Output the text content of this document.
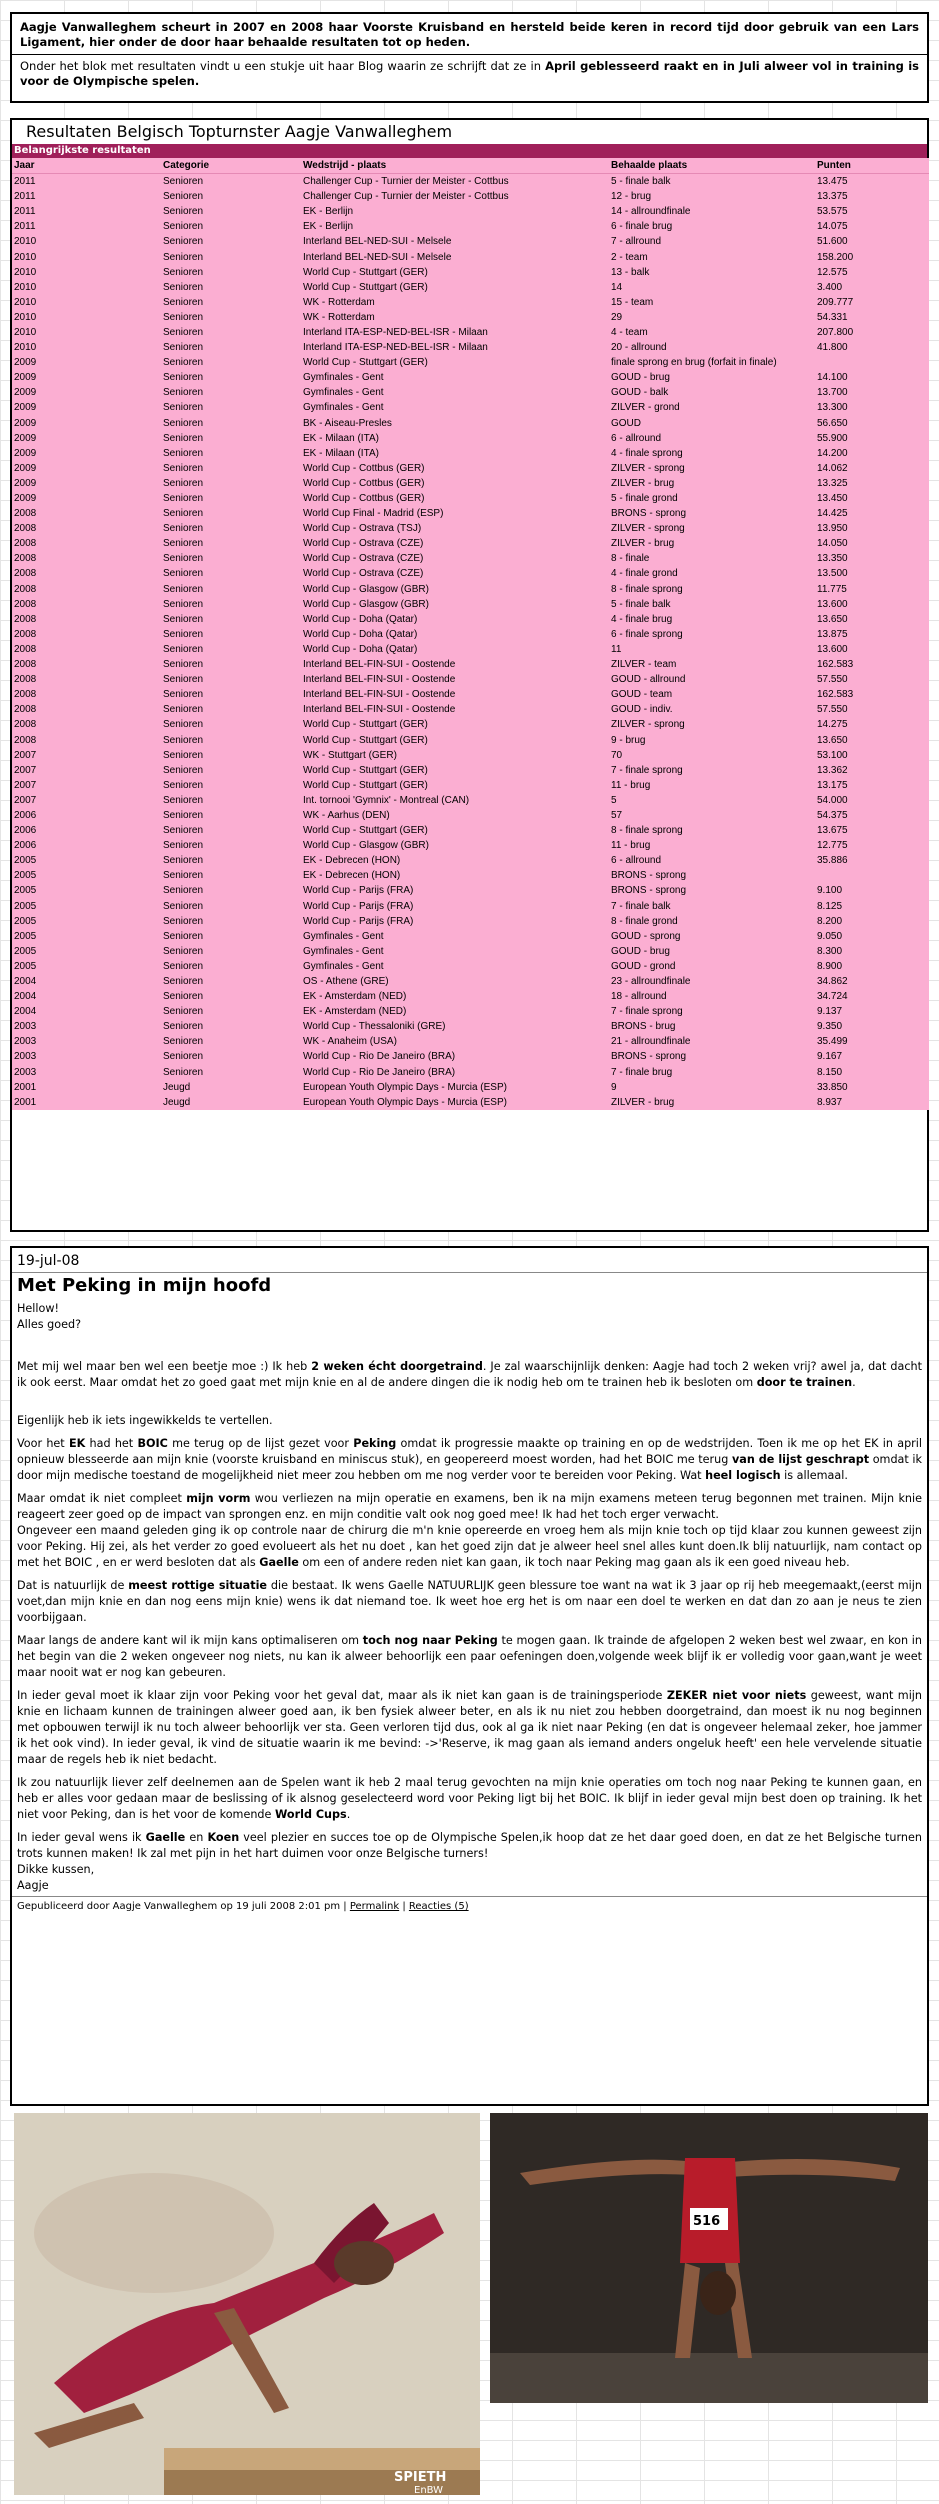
Aagje Vanwalleghem scheurt in 2007 en 2008 haar Voorste Kruisband en hersteld beide keren in record tijd door gebruik van een Lars Ligament, hier onder de door haar behaalde resultaten tot op heden.

Onder het blok met resultaten vindt u een stukje uit haar Blog waarin ze schrijft dat ze in April geblesseerd raakt en in Juli alweer vol in training is voor de Olympische spelen.

Resultaten Belgisch Topturnster Aagje Vanwalleghem
Belangrijkste resultaten
Jaar	Categorie	Wedstrijd - plaats	Behaalde plaats	Punten
2011	Senioren	Challenger Cup - Turnier der Meister - Cottbus	5 - finale balk	13.475
2011	Senioren	Challenger Cup - Turnier der Meister - Cottbus	12 - brug	13.375
2011	Senioren	EK - Berlijn	14 - allroundfinale	53.575
2011	Senioren	EK - Berlijn	6 - finale brug	14.075
2010	Senioren	Interland BEL-NED-SUI - Melsele	7 - allround	51.600
2010	Senioren	Interland BEL-NED-SUI - Melsele	2 - team	158.200
2010	Senioren	World Cup - Stuttgart (GER)	13 - balk	12.575
2010	Senioren	World Cup - Stuttgart (GER)	14	3.400
2010	Senioren	WK - Rotterdam	15 - team	209.777
2010	Senioren	WK - Rotterdam	29	54.331
2010	Senioren	Interland ITA-ESP-NED-BEL-ISR - Milaan	4 - team	207.800
2010	Senioren	Interland ITA-ESP-NED-BEL-ISR - Milaan	20 - allround	41.800
2009	Senioren	World Cup - Stuttgart (GER)	finale sprong en brug (forfait in finale)	
2009	Senioren	Gymfinales - Gent	GOUD - brug	14.100
2009	Senioren	Gymfinales - Gent	GOUD - balk	13.700
2009	Senioren	Gymfinales - Gent	ZILVER - grond	13.300
2009	Senioren	BK - Aiseau-Presles	GOUD	56.650
2009	Senioren	EK - Milaan (ITA)	6 - allround	55.900
2009	Senioren	EK - Milaan (ITA)	4 - finale sprong	14.200
2009	Senioren	World Cup - Cottbus (GER)	ZILVER - sprong	14.062
2009	Senioren	World Cup - Cottbus (GER)	ZILVER - brug	13.325
2009	Senioren	World Cup - Cottbus (GER)	5 - finale grond	13.450
2008	Senioren	World Cup Final - Madrid (ESP)	BRONS - sprong	14.425
2008	Senioren	World Cup - Ostrava (TSJ)	ZILVER - sprong	13.950
2008	Senioren	World Cup - Ostrava (CZE)	ZILVER - brug	14.050
2008	Senioren	World Cup - Ostrava (CZE)	8 - finale	13.350
2008	Senioren	World Cup - Ostrava (CZE)	4 - finale grond	13.500
2008	Senioren	World Cup - Glasgow (GBR)	8 - finale sprong	11.775
2008	Senioren	World Cup - Glasgow (GBR)	5 - finale balk	13.600
2008	Senioren	World Cup - Doha (Qatar)	4 - finale brug	13.650
2008	Senioren	World Cup - Doha (Qatar)	6 - finale sprong	13.875
2008	Senioren	World Cup - Doha (Qatar)	11	13.600
2008	Senioren	Interland BEL-FIN-SUI - Oostende	ZILVER - team	162.583
2008	Senioren	Interland BEL-FIN-SUI - Oostende	GOUD - allround	57.550
2008	Senioren	Interland BEL-FIN-SUI - Oostende	GOUD - team	162.583
2008	Senioren	Interland BEL-FIN-SUI - Oostende	GOUD - indiv.	57.550
2008	Senioren	World Cup - Stuttgart (GER)	ZILVER - sprong	14.275
2008	Senioren	World Cup - Stuttgart (GER)	9 - brug	13.650
2007	Senioren	WK - Stuttgart (GER)	70	53.100
2007	Senioren	World Cup - Stuttgart (GER)	7 - finale sprong	13.362
2007	Senioren	World Cup - Stuttgart (GER)	11 - brug	13.175
2007	Senioren	Int. tornooi 'Gymnix' - Montreal (CAN)	5	54.000
2006	Senioren	WK - Aarhus (DEN)	57	54.375
2006	Senioren	World Cup - Stuttgart (GER)	8 - finale sprong	13.675
2006	Senioren	World Cup - Glasgow (GBR)	11 - brug	12.775
2005	Senioren	EK - Debrecen (HON)	6 - allround	35.886
2005	Senioren	EK - Debrecen (HON)	BRONS - sprong	
2005	Senioren	World Cup - Parijs (FRA)	BRONS - sprong	9.100
2005	Senioren	World Cup - Parijs (FRA)	7 - finale balk	8.125
2005	Senioren	World Cup - Parijs (FRA)	8 - finale grond	8.200
2005	Senioren	Gymfinales - Gent	GOUD - sprong	9.050
2005	Senioren	Gymfinales - Gent	GOUD - brug	8.300
2005	Senioren	Gymfinales - Gent	GOUD - grond	8.900
2004	Senioren	OS - Athene (GRE)	23 - allroundfinale	34.862
2004	Senioren	EK - Amsterdam (NED)	18 - allround	34.724
2004	Senioren	EK - Amsterdam (NED)	7 - finale sprong	9.137
2003	Senioren	World Cup - Thessaloniki (GRE)	BRONS - brug	9.350
2003	Senioren	WK - Anaheim (USA)	21 - allroundfinale	35.499
2003	Senioren	World Cup - Rio De Janeiro (BRA)	BRONS - sprong	9.167
2003	Senioren	World Cup - Rio De Janeiro (BRA)	7 - finale brug	8.150
2001	Jeugd	European Youth Olympic Days - Murcia (ESP)	9	33.850
2001	Jeugd	European Youth Olympic Days - Murcia (ESP)	ZILVER - brug	8.937
19-jul-08
Met Peking in mijn hoofd

Hellow!

Alles goed?

Met mij wel maar ben wel een beetje moe :) Ik heb 2 weken écht doorgetraind. Je zal waarschijnlijk denken: Aagje had toch 2 weken vrij? awel ja, dat dacht ik ook eerst. Maar omdat het zo goed gaat met mijn knie en al de andere dingen die ik nodig heb om te trainen heb ik besloten om door te trainen.

Eigenlijk heb ik iets ingewikkelds te vertellen.

Voor het EK had het BOIC me terug op de lijst gezet voor Peking omdat ik progressie maakte op training en op de wedstrijden. Toen ik me op het EK in april opnieuw blesseerde aan mijn knie (voorste kruisband en miniscus stuk), en geopereerd moest worden, had het BOIC me terug van de lijst geschrapt omdat ik door mijn medische toestand de mogelijkheid niet meer zou hebben om me nog verder voor te bereiden voor Peking. Wat heel logisch is allemaal.

Maar omdat ik niet compleet mijn vorm wou verliezen na mijn operatie en examens, ben ik na mijn examens meteen terug begonnen met trainen. Mijn knie reageert zeer goed op de impact van sprongen enz. en mijn conditie valt ook nog goed mee! Ik had het toch erger verwacht.

Ongeveer een maand geleden ging ik op controle naar de chirurg die m'n knie opereerde en vroeg hem als mijn knie toch op tijd klaar zou kunnen geweest zijn voor Peking. Hij zei, als het verder zo goed evolueert als het nu doet , kan het goed zijn dat je alweer heel snel alles kunt doen.Ik blij natuurlijk, nam contact op met het BOIC , en er werd besloten dat als Gaelle om een of andere reden niet kan gaan, ik toch naar Peking mag gaan als ik een goed niveau heb.

Dat is natuurlijk de meest rottige situatie die bestaat. Ik wens Gaelle NATUURLIJK geen blessure toe want na wat ik 3 jaar op rij heb meegemaakt,(eerst mijn voet,dan mijn knie en dan nog eens mijn knie) wens ik dat niemand toe. Ik weet hoe erg het is om naar een doel te werken en dat dan zo aan je neus te zien voorbijgaan.

Maar langs de andere kant wil ik mijn kans optimaliseren om toch nog naar Peking te mogen gaan. Ik trainde de afgelopen 2 weken best wel zwaar, en kon in het begin van die 2 weken ongeveer nog niets, nu kan ik alweer behoorlijk een paar oefeningen doen,volgende week blijf ik er volledig voor gaan,want je weet maar nooit wat er nog kan gebeuren.

In ieder geval moet ik klaar zijn voor Peking voor het geval dat, maar als ik niet kan gaan is de trainingsperiode ZEKER niet voor niets geweest, want mijn knie en lichaam kunnen de trainingen alweer goed aan, ik ben fysiek alweer beter, en als ik nu niet zou hebben doorgetraind, dan moest ik nu nog beginnen met opbouwen terwijl ik nu toch alweer behoorlijk ver sta. Geen verloren tijd dus, ook al ga ik niet naar Peking (en dat is ongeveer helemaal zeker, hoe jammer ik het ook vind). In ieder geval, ik vind de situatie waarin ik me bevind: ->'Reserve, ik mag gaan als iemand anders ongeluk heeft' een hele vervelende situatie maar de regels heb ik niet bedacht.

Ik zou natuurlijk liever zelf deelnemen aan de Spelen want ik heb 2 maal terug gevochten na mijn knie operaties om toch nog naar Peking te kunnen gaan, en heb er alles voor gedaan maar de beslissing of ik alsnog geselecteerd word voor Peking ligt bij het BOIC. Ik blijf in ieder geval mijn best doen op training. Ik het niet voor Peking, dan is het voor de komende World Cups.

In ieder geval wens ik Gaelle en Koen veel plezier en succes toe op de Olympische Spelen,ik hoop dat ze het daar goed doen, en dat ze het Belgische turnen trots kunnen maken! Ik zal met pijn in het hart duimen voor onze Belgische turners!

Dikke kussen,

Aagje

Gepubliceerd door Aagje Vanwalleghem op 19 juli 2008 2:01 pm | Permalink | Reacties (5)
SPIETH
EnBW
516
